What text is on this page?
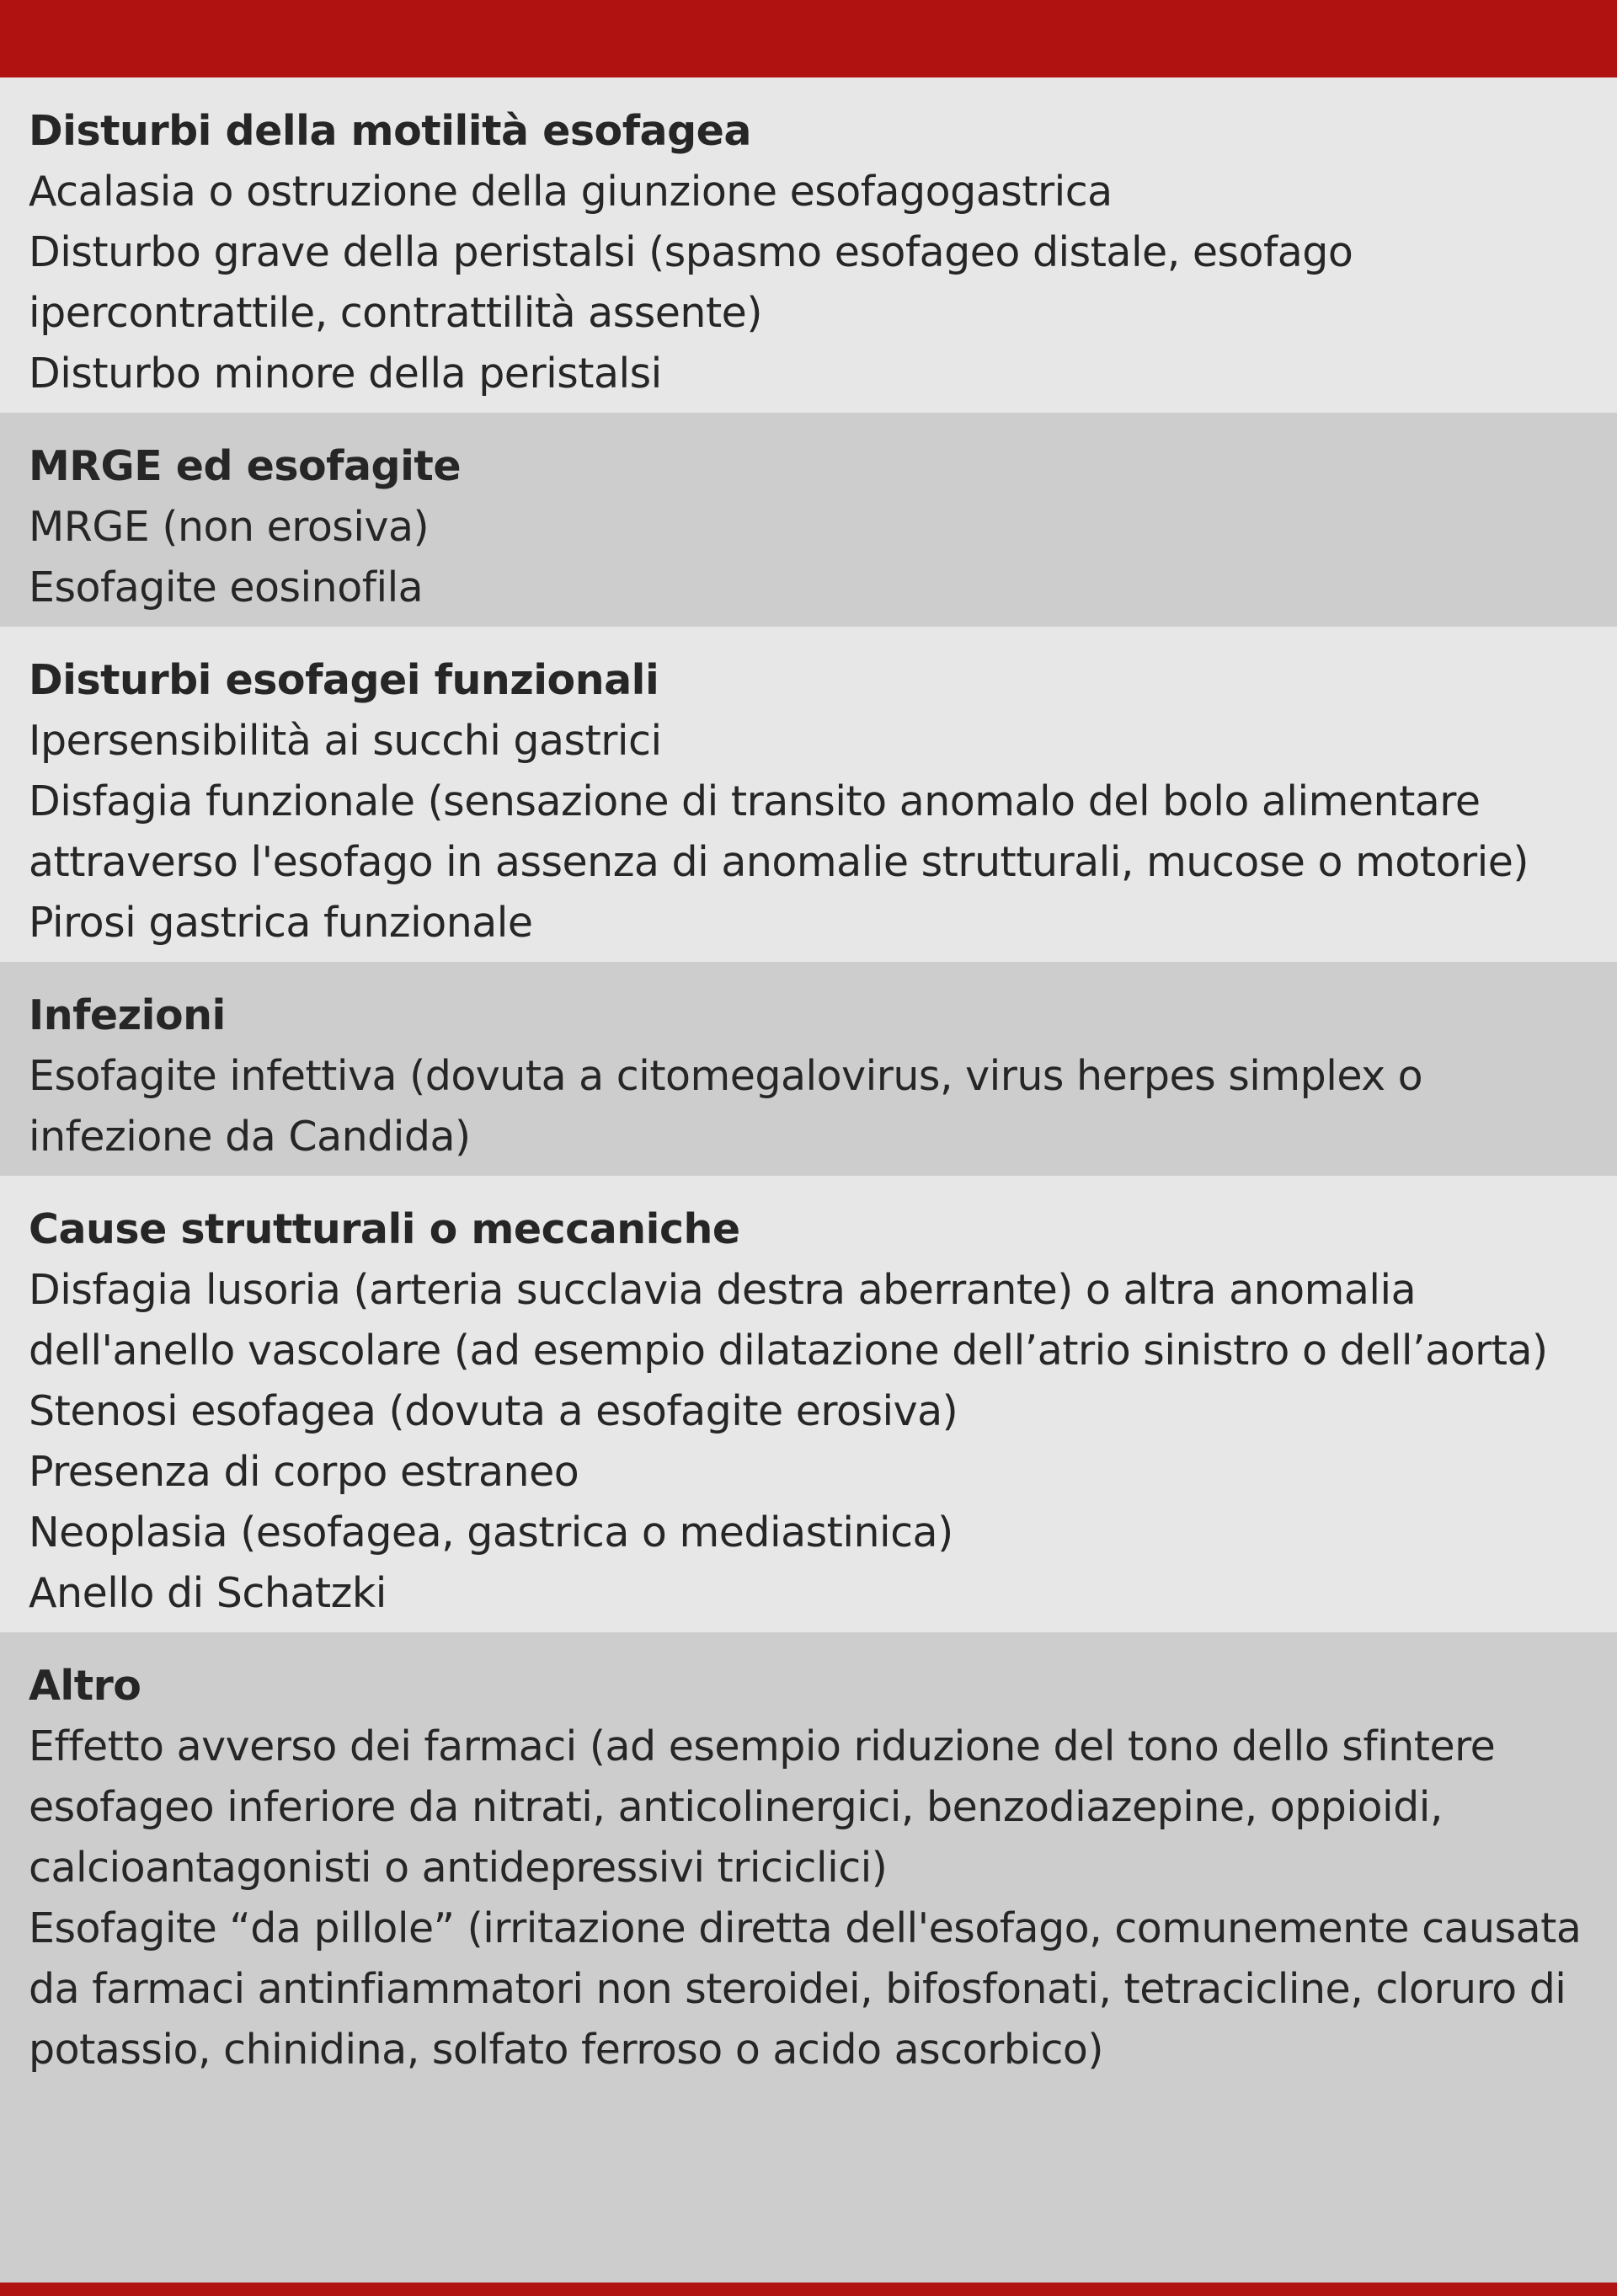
Disturbi della motilità esofagea

Acalasia o ostruzione della giunzione esofagogastrica

Disturbo grave della peristalsi (spasmo esofageo distale, esofago ipercontrattile, contrattilità assente)

Disturbo minore della peristalsi

MRGE ed esofagite

MRGE (non erosiva)

Esofagite eosinofila

Disturbi esofagei funzionali

Ipersensibilità ai succhi gastrici

Disfagia funzionale (sensazione di transito anomalo del bolo alimentare attraverso l'esofago in assenza di anomalie strutturali, mucose o motorie)

Pirosi gastrica funzionale

Infezioni

Esofagite infettiva (dovuta a citomegalovirus, virus herpes simplex o infezione da Candida)

Cause strutturali o meccaniche

Disfagia lusoria (arteria succlavia destra aberrante) o altra anomalia dell'anello vascolare (ad esempio dilatazione dell’atrio sinistro o dell’aorta)

Stenosi esofagea (dovuta a esofagite erosiva)

Presenza di corpo estraneo

Neoplasia (esofagea, gastrica o mediastinica)

Anello di Schatzki

Altro

Effetto avverso dei farmaci (ad esempio riduzione del tono dello sfintere esofageo inferiore da nitrati, anticolinergici, benzodiazepine, oppioidi, calcioantagonisti o antidepressivi triciclici)

Esofagite “da pillole” (irritazione diretta dell'esofago, comunemente causata da farmaci antinfiammatori non steroidei, bifosfonati, tetracicline, cloruro di potassio, chinidina, solfato ferroso o acido ascorbico)
